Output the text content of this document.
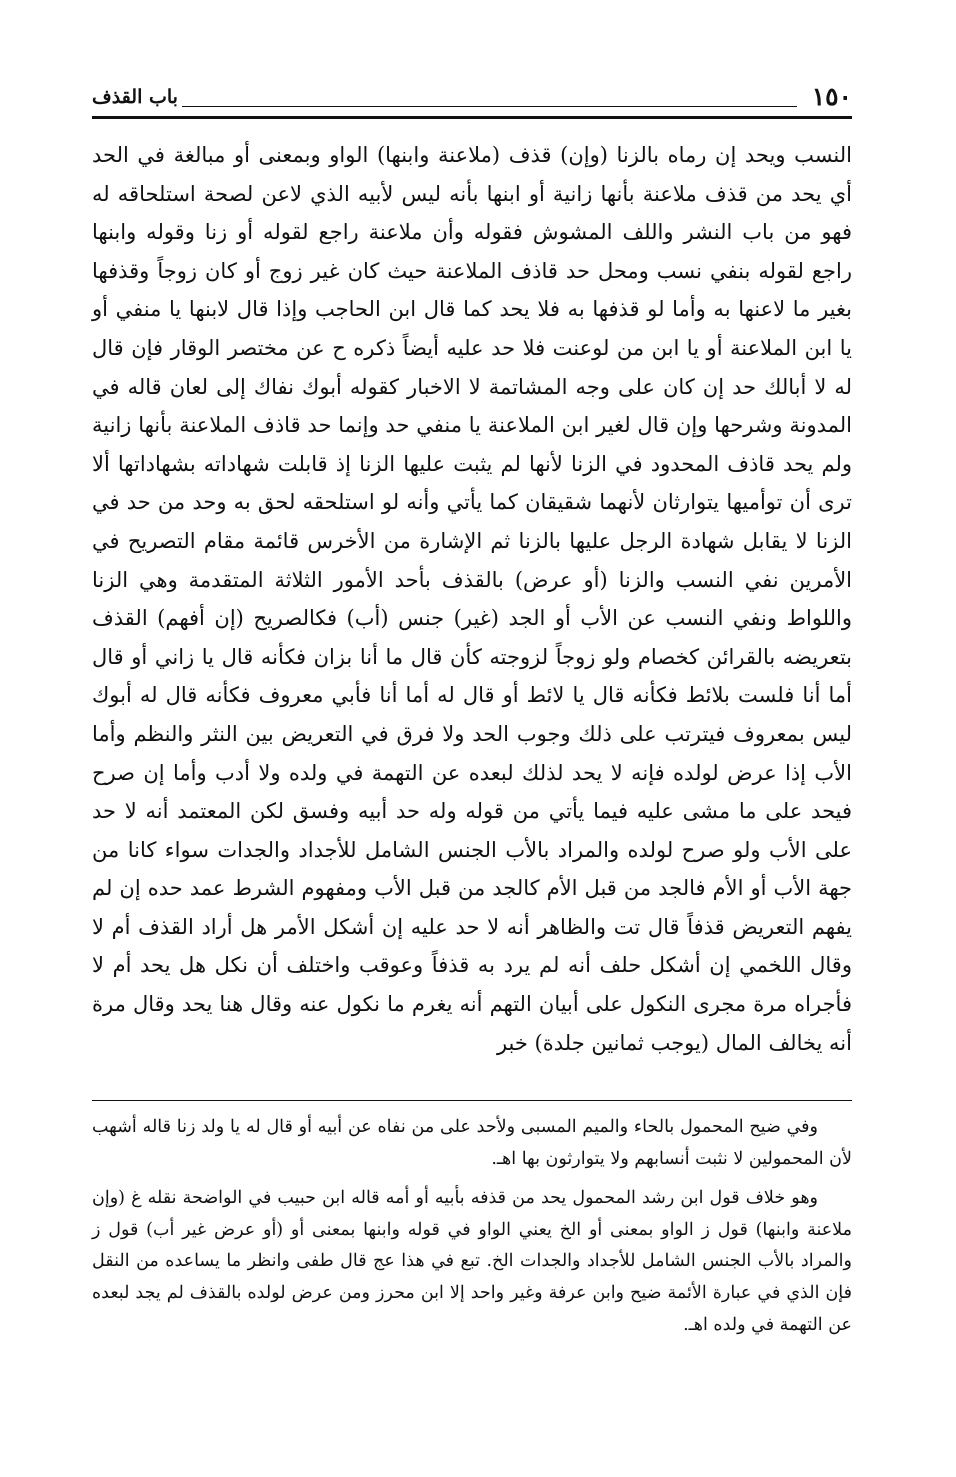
١٥٠
باب القذف
النسب ويحد إن رماه بالزنا (وإن) قذف (ملاعنة وابنها) الواو وبمعنى أو مبالغة في الحد أي يحد من قذف ملاعنة بأنها زانية أو ابنها بأنه ليس لأبيه الذي لاعن لصحة استلحاقه له فهو من باب النشر واللف المشوش فقوله وأن ملاعنة راجع لقوله أو زنا وقوله وابنها راجع لقوله بنفي نسب ومحل حد قاذف الملاعنة حيث كان غير زوج أو كان زوجاً وقذفها بغير ما لاعنها به وأما لو قذفها به فلا يحد كما قال ابن الحاجب وإذا قال لابنها يا منفي أو يا ابن الملاعنة أو يا ابن من لوعنت فلا حد عليه أيضاً ذكره ح عن مختصر الوقار فإن قال له لا أبالك حد إن كان على وجه المشاتمة لا الاخبار كقوله أبوك نفاك إلى لعان قاله في المدونة وشرحها وإن قال لغير ابن الملاعنة يا منفي حد وإنما حد قاذف الملاعنة بأنها زانية ولم يحد قاذف المحدود في الزنا لأنها لم يثبت عليها الزنا إذ قابلت شهاداته بشهاداتها ألا ترى أن توأميها يتوارثان لأنهما شقيقان كما يأتي وأنه لو استلحقه لحق به وحد من حد في الزنا لا يقابل شهادة الرجل عليها بالزنا ثم الإشارة من الأخرس قائمة مقام التصريح في الأمرين نفي النسب والزنا (أو عرض) بالقذف بأحد الأمور الثلاثة المتقدمة وهي الزنا واللواط ونفي النسب عن الأب أو الجد (غير) جنس (أب) فكالصريح (إن أفهم) القذف بتعريضه بالقرائن كخصام ولو زوجاً لزوجته كأن قال ما أنا بزان فكأنه قال يا زاني أو قال أما أنا فلست بلائط فكأنه قال يا لائط أو قال له أما أنا فأبي معروف فكأنه قال له أبوك ليس بمعروف فيترتب على ذلك وجوب الحد ولا فرق في التعريض بين النثر والنظم وأما الأب إذا عرض لولده فإنه لا يحد لذلك لبعده عن التهمة في ولده ولا أدب وأما إن صرح فيحد على ما مشى عليه فيما يأتي من قوله وله حد أبيه وفسق لكن المعتمد أنه لا حد على الأب ولو صرح لولده والمراد بالأب الجنس الشامل للأجداد والجدات سواء كانا من جهة الأب أو الأم فالجد من قبل الأم كالجد من قبل الأب ومفهوم الشرط عمد حده إن لم يفهم التعريض قذفاً قال تت والظاهر أنه لا حد عليه إن أشكل الأمر هل أراد القذف أم لا وقال اللخمي إن أشكل حلف أنه لم يرد به قذفاً وعوقب واختلف أن نكل هل يحد أم لا فأجراه مرة مجرى النكول على أبيان التهم أنه يغرم ما نكول عنه وقال هنا يحد وقال مرة أنه يخالف المال (يوجب ثمانين جلدة) خبر

وفي ضيح المحمول بالحاء والميم المسبى ولأحد على من نفاه عن أبيه أو قال له يا ولد زنا قاله أشهب لأن المحمولين لا نثبت أنسابهم ولا يتوارثون بها اهـ.

وهو خلاف قول ابن رشد المحمول يحد من قذفه بأبيه أو أمه قاله ابن حبيب في الواضحة نقله غ (وإن ملاعنة وابنها) قول ز الواو بمعنى أو الخ يعني الواو في قوله وابنها بمعنى أو (أو عرض غير أب) قول ز والمراد بالأب الجنس الشامل للأجداد والجدات الخ. تبع في هذا عج قال طفى وانظر ما يساعده من النقل فإن الذي في عبارة الأئمة ضيح وابن عرفة وغير واحد إلا ابن محرز ومن عرض لولده بالقذف لم يجد لبعده عن التهمة في ولده اهـ.
